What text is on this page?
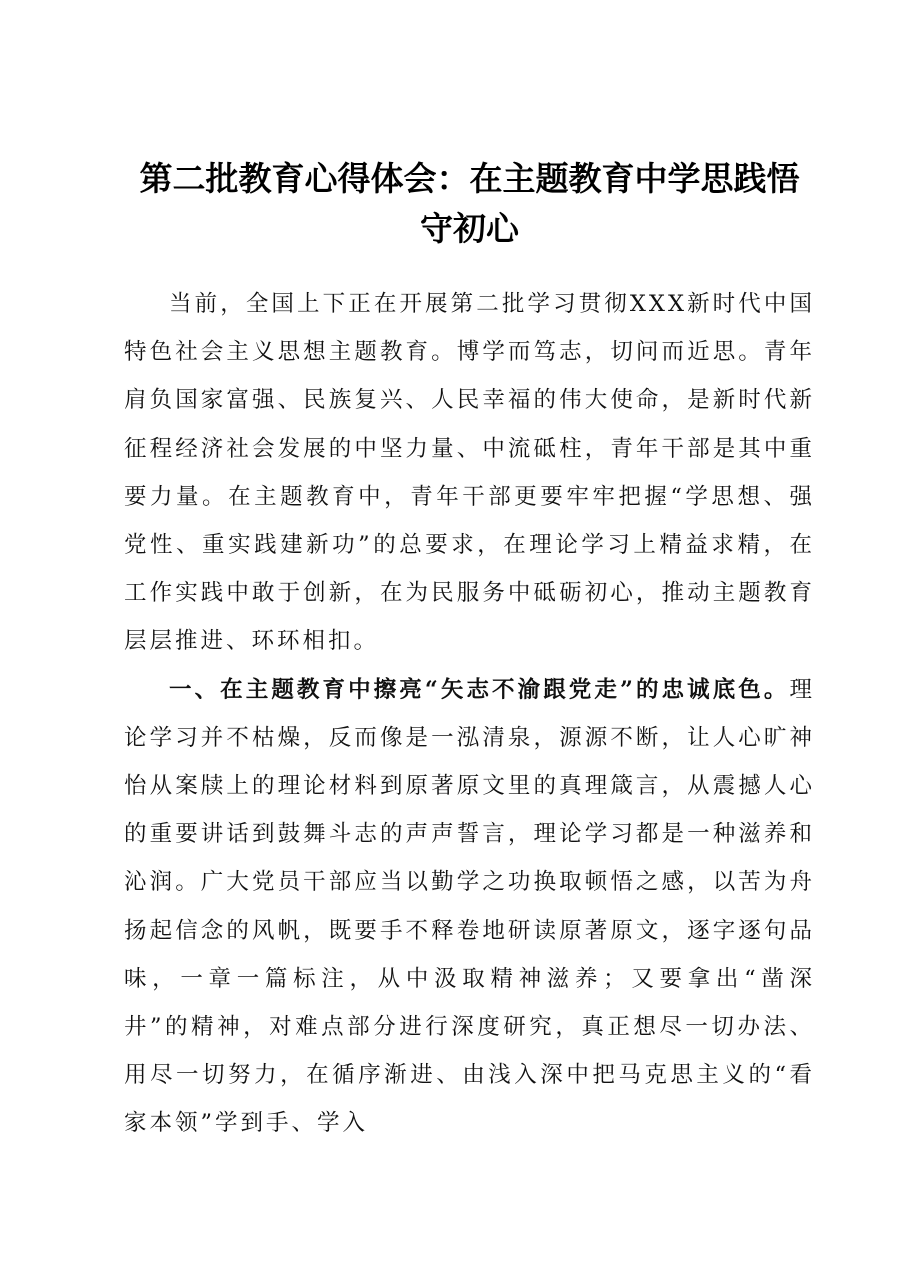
第二批教育心得体会：在主题教育中学思践悟守初心

当前，全国上下正在开展第二批学习贯彻XXX新时代中国特色社会主义思想主题教育。博学而笃志，切问而近思。青年肩负国家富强、民族复兴、人民幸福的伟大使命，是新时代新征程经济社会发展的中坚力量、中流砥柱，青年干部是其中重要力量。在主题教育中，青年干部更要牢牢把握“学思想、强党性、重实践建新功”的总要求，在理论学习上精益求精，在工作实践中敢于创新，在为民服务中砥砺初心，推动主题教育层层推进、环环相扣。

一、在主题教育中擦亮“矢志不渝跟党走”的忠诚底色。理论学习并不枯燥，反而像是一泓清泉，源源不断，让人心旷神怡从案牍上的理论材料到原著原文里的真理箴言，从震撼人心的重要讲话到鼓舞斗志的声声誓言，理论学习都是一种滋养和沁润。广大党员干部应当以勤学之功换取顿悟之感，以苦为舟扬起信念的风帆，既要手不释卷地研读原著原文，逐字逐句品味，一章一篇标注，从中汲取精神滋养；又要拿出“凿深井”的精神，对难点部分进行深度研究，真正想尽一切办法、用尽一切努力，在循序渐进、由浅入深中把马克思主义的“看家本领”学到手、学入
